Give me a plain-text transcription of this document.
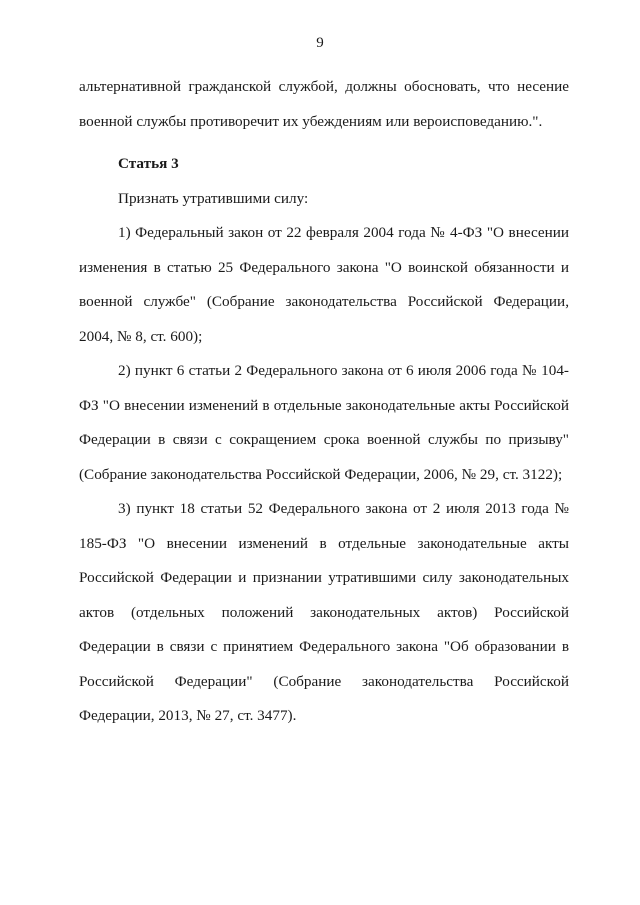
9

альтернативной гражданской службой, должны обосновать, что несение военной службы противоречит их убеждениям или вероисповеданию.".

Статья 3

Признать утратившими силу:

1) Федеральный закон от 22 февраля 2004 года № 4-ФЗ "О внесении изменения в статью 25 Федерального закона "О воинской обязанности и военной службе" (Собрание законодательства Российской Федерации, 2004, № 8, ст. 600);

2) пункт 6 статьи 2 Федерального закона от 6 июля 2006 года № 104-ФЗ "О внесении изменений в отдельные законодательные акты Российской Федерации в связи с сокращением срока военной службы по призыву" (Собрание законодательства Российской Федерации, 2006, № 29, ст. 3122);

3) пункт 18 статьи 52 Федерального закона от 2 июля 2013 года № 185-ФЗ "О внесении изменений в отдельные законодательные акты Российской Федерации и признании утратившими силу законодательных актов (отдельных положений законодательных актов) Российской Федерации в связи с принятием Федерального закона "Об образовании в Российской Федерации" (Собрание законодательства Российской Федерации, 2013, № 27, ст. 3477).
